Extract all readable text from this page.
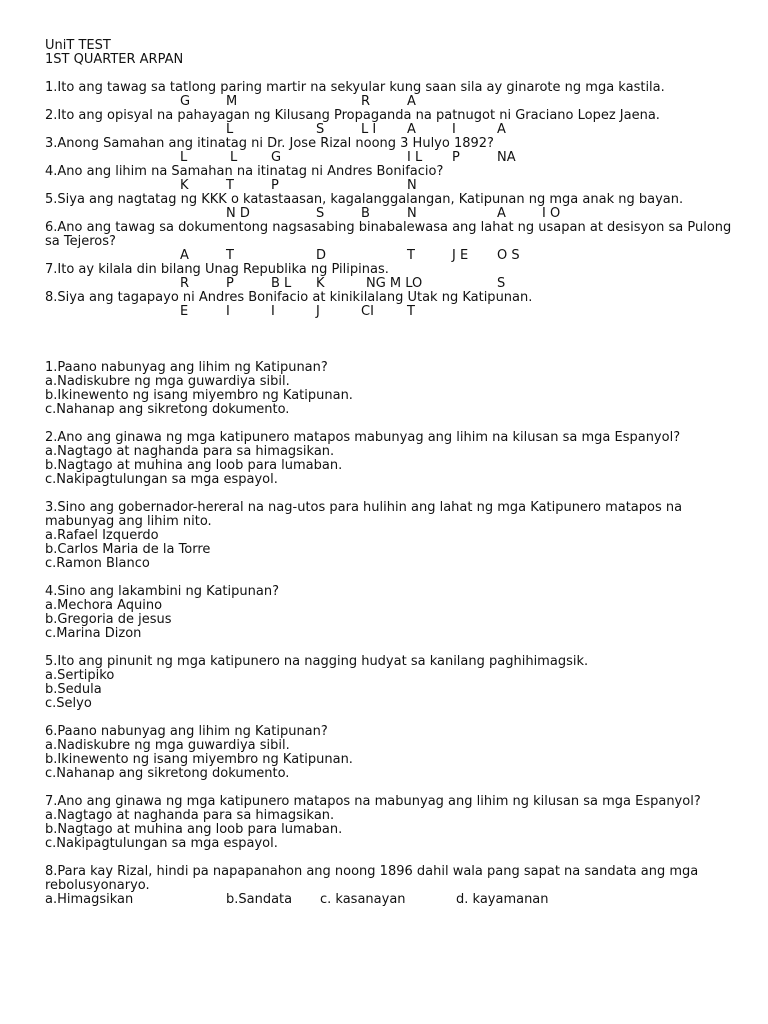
UniT TEST
1ST QUARTER ARPAN
1.Ito ang tawag sa tatlong paring martir na sekyular kung saan sila ay ginarote ng mga kastila.
G	M	R	A
2.Ito ang opisyal na pahayagan ng Kilusang Propaganda na patnugot ni Graciano Lopez Jaena.
L	S	L I A	I	A
3.Anong Samahan ang itinatag ni Dr. Jose Rizal noong 3 Hulyo 1892?
L	L	G	I L P	NA
4.Ano ang lihim na Samahan na itinatag ni Andres Bonifacio?
K	T	P	N
5.Siya ang nagtatag ng KKK o katastaasan, kagalanggalangan, Katipunan ng mga anak ng bayan.
N D	S	B	N	A	I O
6.Ano ang tawag sa dokumentong nagsasabing binabalewasa ang lahat ng usapan at desisyon sa Pulong sa Tejeros?
A	T	D	T	J E O S
7.Ito ay kilala din bilang Unag Republika ng Pilipinas.
R	P	B L K	NG M LO	S
8.Siya ang tagapayo ni Andres Bonifacio at kinikilalang Utak ng Katipunan.
E	I	I	J	CI	T
1.Paano nabunyag ang lihim ng Katipunan?
a.Nadiskubre ng mga guwardiya sibil.
b.Ikinewento ng isang miyembro ng Katipunan.
c.Nahanap ang sikretong dokumento.
2.Ano ang ginawa ng mga katipunero matapos mabunyag ang lihim na kilusan sa mga Espanyol?
a.Nagtago at naghanda para sa himagsikan.
b.Nagtago at muhina ang loob para lumaban.
c.Nakipagtulungan sa mga espayol.
3.Sino ang gobernador-hereral na nag-utos para hulihin ang lahat ng mga Katipunero matapos na mabunyag ang lihim nito.
a.Rafael Izquerdo
b.Carlos Maria de la Torre
c.Ramon Blanco
4.Sino ang lakambini ng Katipunan?
a.Mechora Aquino
b.Gregoria de jesus
c.Marina Dizon
5.Ito ang pinunit ng mga katipunero na nagging hudyat sa kanilang paghihimagsik.
a.Sertipiko
b.Sedula
c.Selyo
6.Paano nabunyag ang lihim ng Katipunan?
a.Nadiskubre ng mga guwardiya sibil.
b.Ikinewento ng isang miyembro ng Katipunan.
c.Nahanap ang sikretong dokumento.
7.Ano ang ginawa ng mga katipunero matapos na mabunyag ang lihim ng kilusan sa mga Espanyol?
a.Nagtago at naghanda para sa himagsikan.
b.Nagtago at muhina ang loob para lumaban.
c.Nakipagtulungan sa mga espayol.
8.Para kay Rizal, hindi pa napapanahon ang noong 1896 dahil wala pang sapat na sandata ang mga rebolusyonaryo.
a.Himagsikan	b.Sandata c. kasanayan	d. kayamanan
